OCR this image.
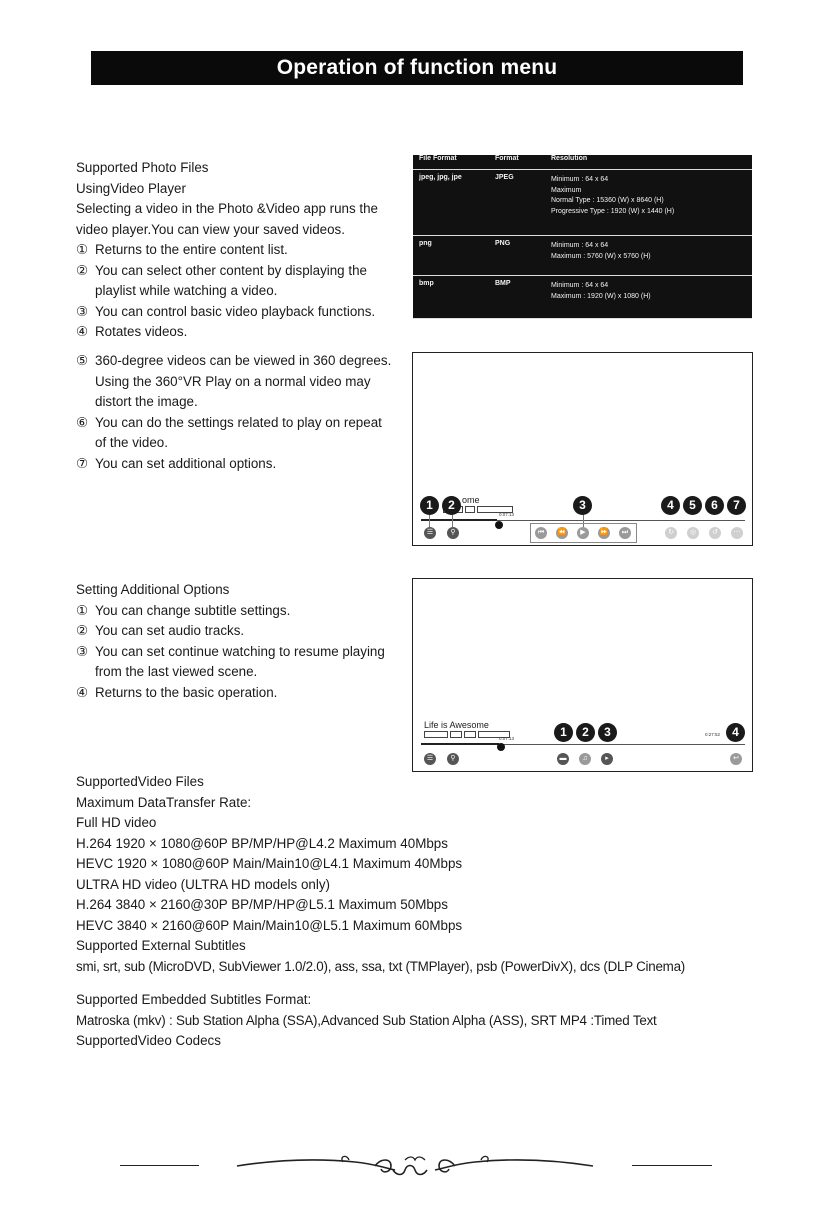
Operation of function menu
Supported Photo Files
UsingVideo Player
Selecting a video in the Photo &Video app runs the
video player.You can view your saved videos.
① Returns to the entire content list.
② You can select other content by displaying the
playlist while watching a video.
③ You can control basic video playback functions.
④ Rotates videos.
File Format	Format	Resolution
jpeg, jpg, jpe	JPEG	Minimum : 64 x 64
Maximum
Normal Type : 15360 (W) x 8640 (H)
Progressive Type : 1920 (W) x 1440 (H)
png	PNG	Minimum : 64 x 64
Maximum : 5760 (W) x 5760 (H)
bmp	BMP	Minimum : 64 x 64
Maximum : 1920 (W) x 1080 (H)
⑤ 360-degree videos can be viewed in 360 degrees.
Using the 360°VR Play on a normal video may
distort the image.
⑥ You can do the settings related to play on repeat
of the video.
⑦ You can set additional options.
ome
0:07:13
☰	⚲	⏮	⏪	▶	⏩	⏭	↻	◎	↺	⋯
1	2	3	4	5	6	7
Setting Additional Options
① You can change subtitle settings.
② You can set audio tracks.
③ You can set continue watching to resume playing
from the last viewed scene.
④ Returns to the basic operation.
Life is Awesome
0:07:13
0:27:52
☰	⚲	▬	♫	▸	↩
1	2	3	4
SupportedVideo Files
Maximum DataTransfer Rate:
Full HD video
H.264 1920 × 1080@60P BP/MP/HP@L4.2 Maximum 40Mbps
HEVC 1920 × 1080@60P Main/Main10@L4.1 Maximum 40Mbps
ULTRA HD video (ULTRA HD models only)
H.264 3840 × 2160@30P BP/MP/HP@L5.1 Maximum 50Mbps
HEVC 3840 × 2160@60P Main/Main10@L5.1 Maximum 60Mbps
Supported External Subtitles
smi, srt, sub (MicroDVD, SubViewer 1.0/2.0), ass, ssa, txt (TMPlayer), psb (PowerDivX), dcs (DLP Cinema)
Supported Embedded Subtitles Format:
Matroska (mkv) : Sub Station Alpha (SSA),Advanced Sub Station Alpha (ASS), SRT MP4 :Timed Text
SupportedVideo Codecs
